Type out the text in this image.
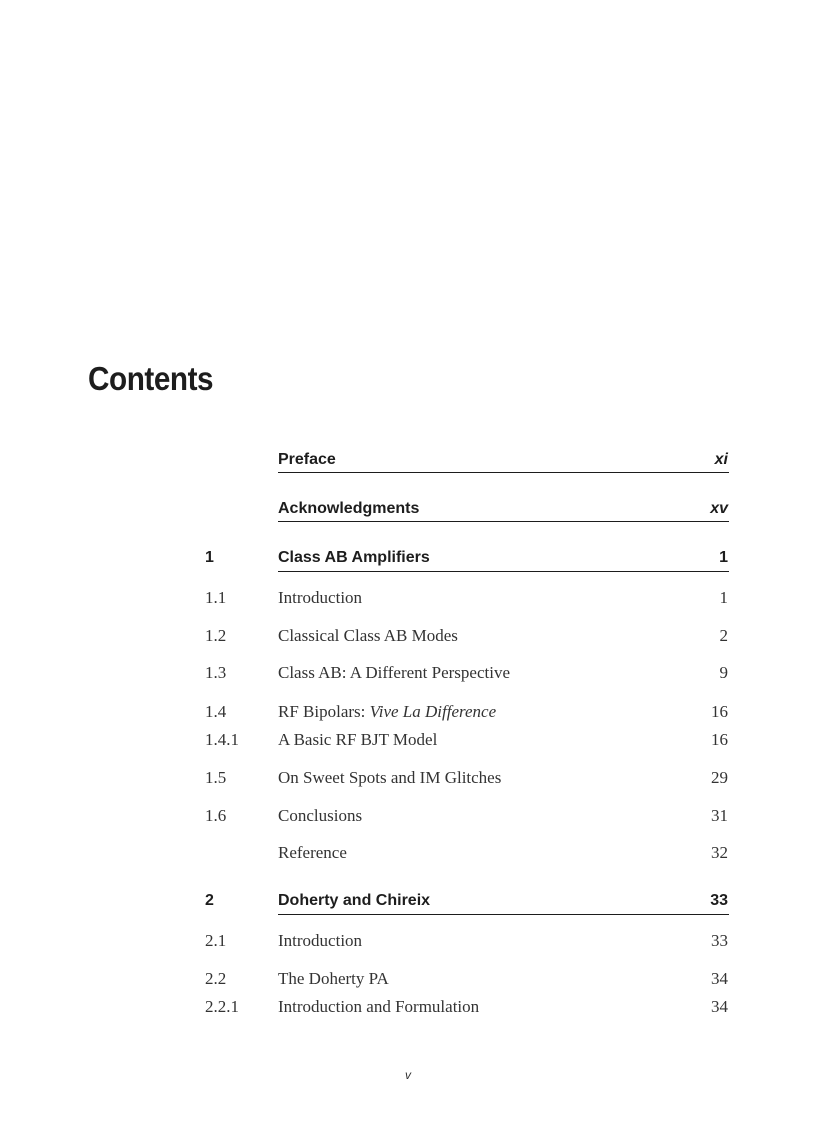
Contents
Preface	xi
Acknowledgments	xv
1	Class AB Amplifiers	1
1.1	Introduction	1
1.2	Classical Class AB Modes	2
1.3	Class AB: A Different Perspective	9
1.4	RF Bipolars: Vive La Difference	16
1.4.1 A Basic RF BJT Model	16
1.5	On Sweet Spots and IM Glitches	29
1.6	Conclusions	31
Reference	32
2	Doherty and Chireix	33
2.1	Introduction	33
2.2	The Doherty PA	34
2.2.1 Introduction and Formulation	34
v
